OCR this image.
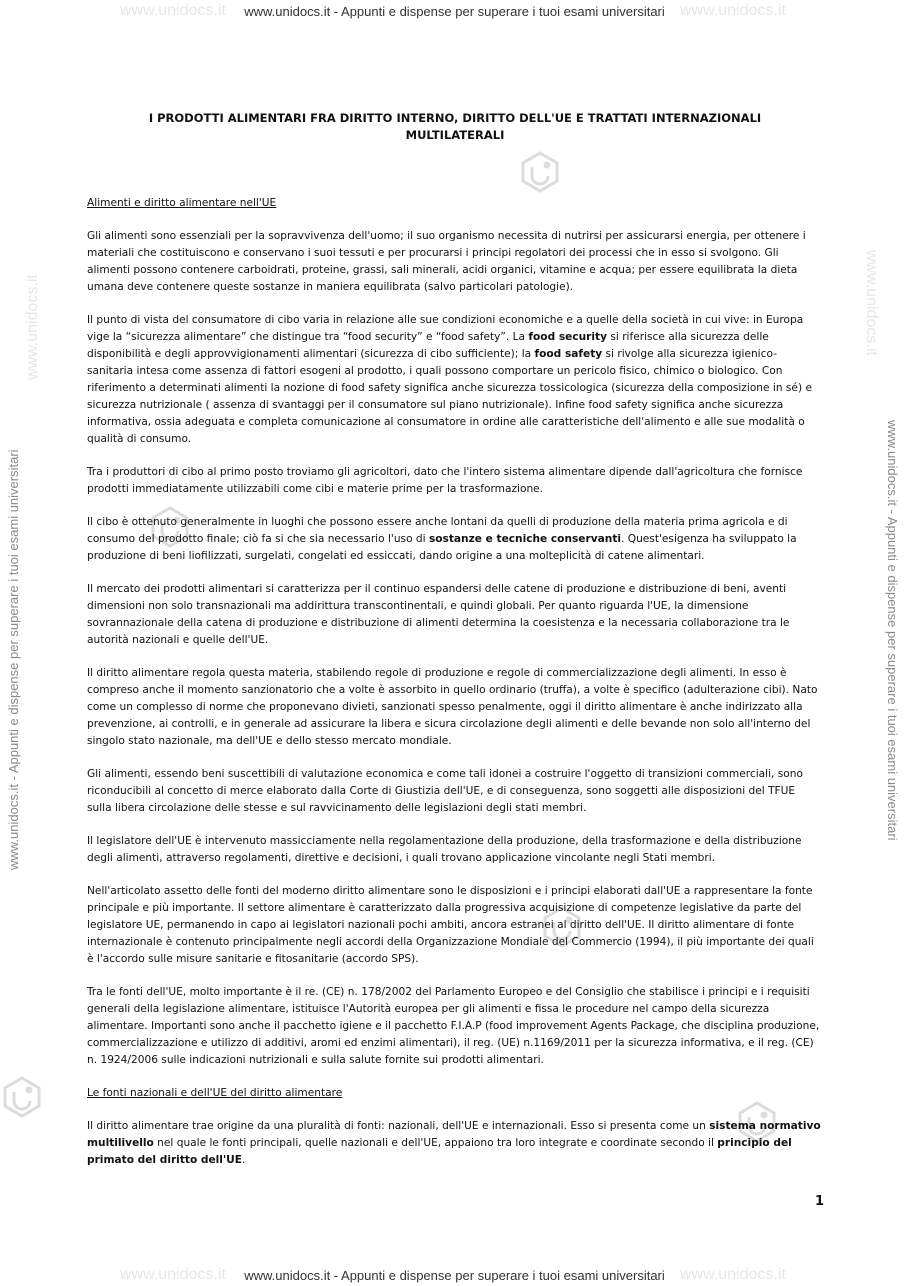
www.unidocs.it - Appunti e dispense per superare i tuoi esami universitari
www.unidocs.it	www.unidocs.it
www.unidocs.it - Appunti e dispense per superare i tuoi esami universitari	www.unidocs.it - Appunti e dispense per superare i tuoi esami universitari
www.unidocs.it	www.unidocs.it
I PRODOTTI ALIMENTARI FRA DIRITTO INTERNO, DIRITTO DELL'UE E TRATTATI INTERNAZIONALI MULTILATERALI
Alimenti e diritto alimentare nell'UE

Gli alimenti sono essenziali per la sopravvivenza dell'uomo; il suo organismo necessita di nutrirsi per assicurarsi energia, per ottenere i materiali che costituiscono e conservano i suoi tessuti e per procurarsi i principi regolatori dei processi che in esso si svolgono. Gli alimenti possono contenere carboidrati, proteine, grassi, sali minerali, acidi organici, vitamine e acqua; per essere equilibrata la dieta umana deve contenere queste sostanze in maniera equilibrata (salvo particolari patologie).

Il punto di vista del consumatore di cibo varia in relazione alle sue condizioni economiche e a quelle della società in cui vive: in Europa vige la “sicurezza alimentare” che distingue tra “food security” e “food safety”. La food security si riferisce alla sicurezza delle disponibilità e degli approvvigionamenti alimentari (sicurezza di cibo sufficiente); la food safety si rivolge alla sicurezza igienico-sanitaria intesa come assenza di fattori esogeni al prodotto, i quali possono comportare un pericolo fisico, chimico o biologico. Con riferimento a determinati alimenti la nozione di food safety significa anche sicurezza tossicologica (sicurezza della composizione in sé) e sicurezza nutrizionale ( assenza di svantaggi per il consumatore sul piano nutrizionale). Infine food safety significa anche sicurezza informativa, ossia adeguata e completa comunicazione al consumatore in ordine alle caratteristiche dell'alimento e alle sue modalità o qualità di consumo.

Tra i produttori di cibo al primo posto troviamo gli agricoltori, dato che l'intero sistema alimentare dipende dall'agricoltura che fornisce prodotti immediatamente utilizzabili come cibi e materie prime per la trasformazione.

Il cibo è ottenuto generalmente in luoghi che possono essere anche lontani da quelli di produzione della materia prima agricola e di consumo del prodotto finale; ciò fa si che sia necessario l'uso di sostanze e tecniche conservanti. Quest'esigenza ha sviluppato la produzione di beni liofilizzati, surgelati, congelati ed essiccati, dando origine a una molteplicità di catene alimentari.

Il mercato dei prodotti alimentari si caratterizza per il continuo espandersi delle catene di produzione e distribuzione di beni, aventi dimensioni non solo transnazionali ma addirittura transcontinentali, e quindi globali. Per quanto riguarda l'UE, la dimensione sovrannazionale della catena di produzione e distribuzione di alimenti determina la coesistenza e la necessaria collaborazione tra le autorità nazionali e quelle dell'UE.

Il diritto alimentare regola questa materia, stabilendo regole di produzione e regole di commercializzazione degli alimenti. In esso è compreso anche il momento sanzionatorio che a volte è assorbito in quello ordinario (truffa), a volte è specifico (adulterazione cibi). Nato come un complesso di norme che proponevano divieti, sanzionati spesso penalmente, oggi il diritto alimentare è anche indirizzato alla prevenzione, ai controlli, e in generale ad assicurare la libera e sicura circolazione degli alimenti e delle bevande non solo all'interno del singolo stato nazionale, ma dell'UE e dello stesso mercato mondiale.

Gli alimenti, essendo beni suscettibili di valutazione economica e come tali idonei a costruire l'oggetto di transizioni commerciali, sono riconducibili al concetto di merce elaborato dalla Corte di Giustizia dell'UE, e di conseguenza, sono soggetti alle disposizioni del TFUE sulla libera circolazione delle stesse e sul ravvicinamento delle legislazioni degli stati membri.

Il legislatore dell'UE è intervenuto massicciamente nella regolamentazione della produzione, della trasformazione e della distribuzione degli alimenti, attraverso regolamenti, direttive e decisioni, i quali trovano applicazione vincolante negli Stati membri.

Nell'articolato assetto delle fonti del moderno diritto alimentare sono le disposizioni e i principi elaborati dall'UE a rappresentare la fonte principale e più importante. Il settore alimentare è caratterizzato dalla progressiva acquisizione di competenze legislative da parte del legislatore UE, permanendo in capo ai legislatori nazionali pochi ambiti, ancora estranei al diritto dell'UE. Il diritto alimentare di fonte internazionale è contenuto principalmente negli accordi della Organizzazione Mondiale del Commercio (1994), il più importante dei quali è l'accordo sulle misure sanitarie e fitosanitarie (accordo SPS).

Tra le fonti dell'UE, molto importante è il re. (CE) n. 178/2002 del Parlamento Europeo e del Consiglio che stabilisce i principi e i requisiti generali della legislazione alimentare, istituisce l'Autorità europea per gli alimenti e fissa le procedure nel campo della sicurezza alimentare. Importanti sono anche il pacchetto igiene e il pacchetto F.I.A.P (food improvement Agents Package, che disciplina produzione, commercializzazione e utilizzo di additivi, aromi ed enzimi alimentari), il reg. (UE) n.1169/2011 per la sicurezza informativa, e il reg. (CE) n. 1924/2006 sulle indicazioni nutrizionali e sulla salute fornite sui prodotti alimentari.

Le fonti nazionali e dell'UE del diritto alimentare

Il diritto alimentare trae origine da una pluralità di fonti: nazionali, dell'UE e internazionali. Esso si presenta come un sistema normativo multilivello nel quale le fonti principali, quelle nazionali e dell'UE, appaiono tra loro integrate e coordinate secondo il principio del primato del diritto dell'UE.

1
www.unidocs.it - Appunti e dispense per superare i tuoi esami universitari
www.unidocs.it	www.unidocs.it
